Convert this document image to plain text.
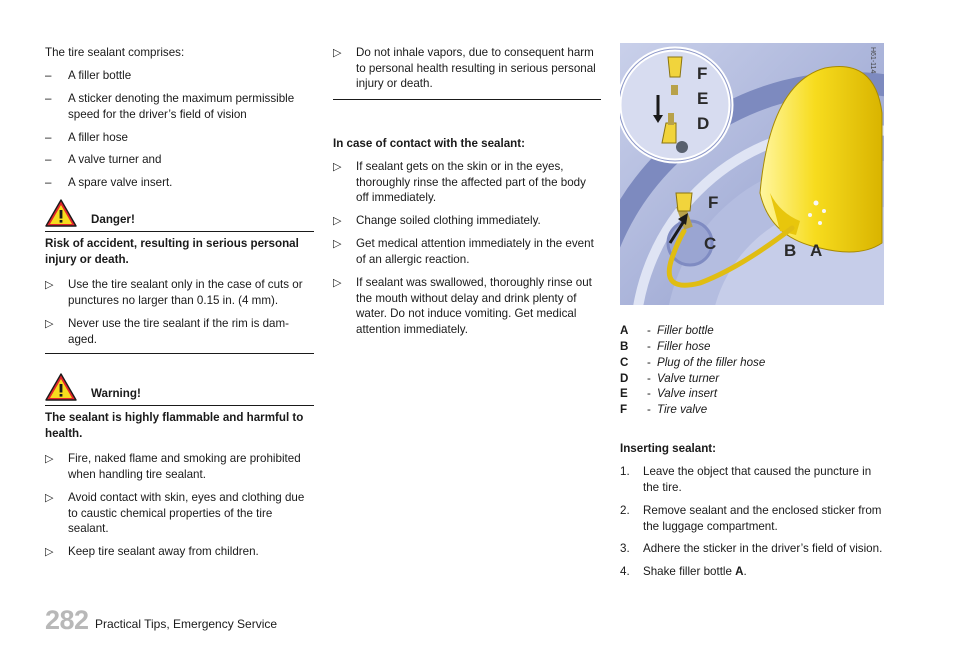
The tire sealant comprises:
– A filler bottle
– A sticker denoting the maximum permissible speed for the driver’s field of vision
– A filler hose
– A valve turner and
– A spare valve insert.
Danger!
Risk of accident, resulting in serious personal injury or death.
▷ Use the tire sealant only in the case of cuts or punctures no larger than 0.15 in. (4 mm).
▷ Never use the tire sealant if the rim is dam-aged.
Warning!
The sealant is highly flammable and harmful to health.
▷ Fire, naked flame and smoking are prohibited when handling tire sealant.
▷ Avoid contact with skin, eyes and clothing due to caustic chemical properties of the tire sealant.
▷ Keep tire sealant away from children.
▷ Do not inhale vapors, due to consequent harm to personal health resulting in serious personal injury or death.
In case of contact with the sealant:
▷ If sealant gets on the skin or in the eyes, thoroughly rinse the affected part of the body off immediately.
▷ Change soiled clothing immediately.
▷ Get medical attention immediately in the event of an allergic reaction.
▷ If sealant was swallowed, thoroughly rinse out the mouth without delay and drink plenty of water. Do not induce vomiting. Get medical attention immediately.
H61-114
F
E
D
F
C	B A
A - Filler bottle
B - Filler hose
C - Plug of the filler hose
D - Valve turner
E - Valve insert
F - Tire valve
Inserting sealant:
1. Leave the object that caused the puncture in the tire.
2. Remove sealant and the enclosed sticker from the luggage compartment.
3. Adhere the sticker in the driver’s field of vision.
4. Shake filler bottle A.
282 Practical Tips, Emergency Service
